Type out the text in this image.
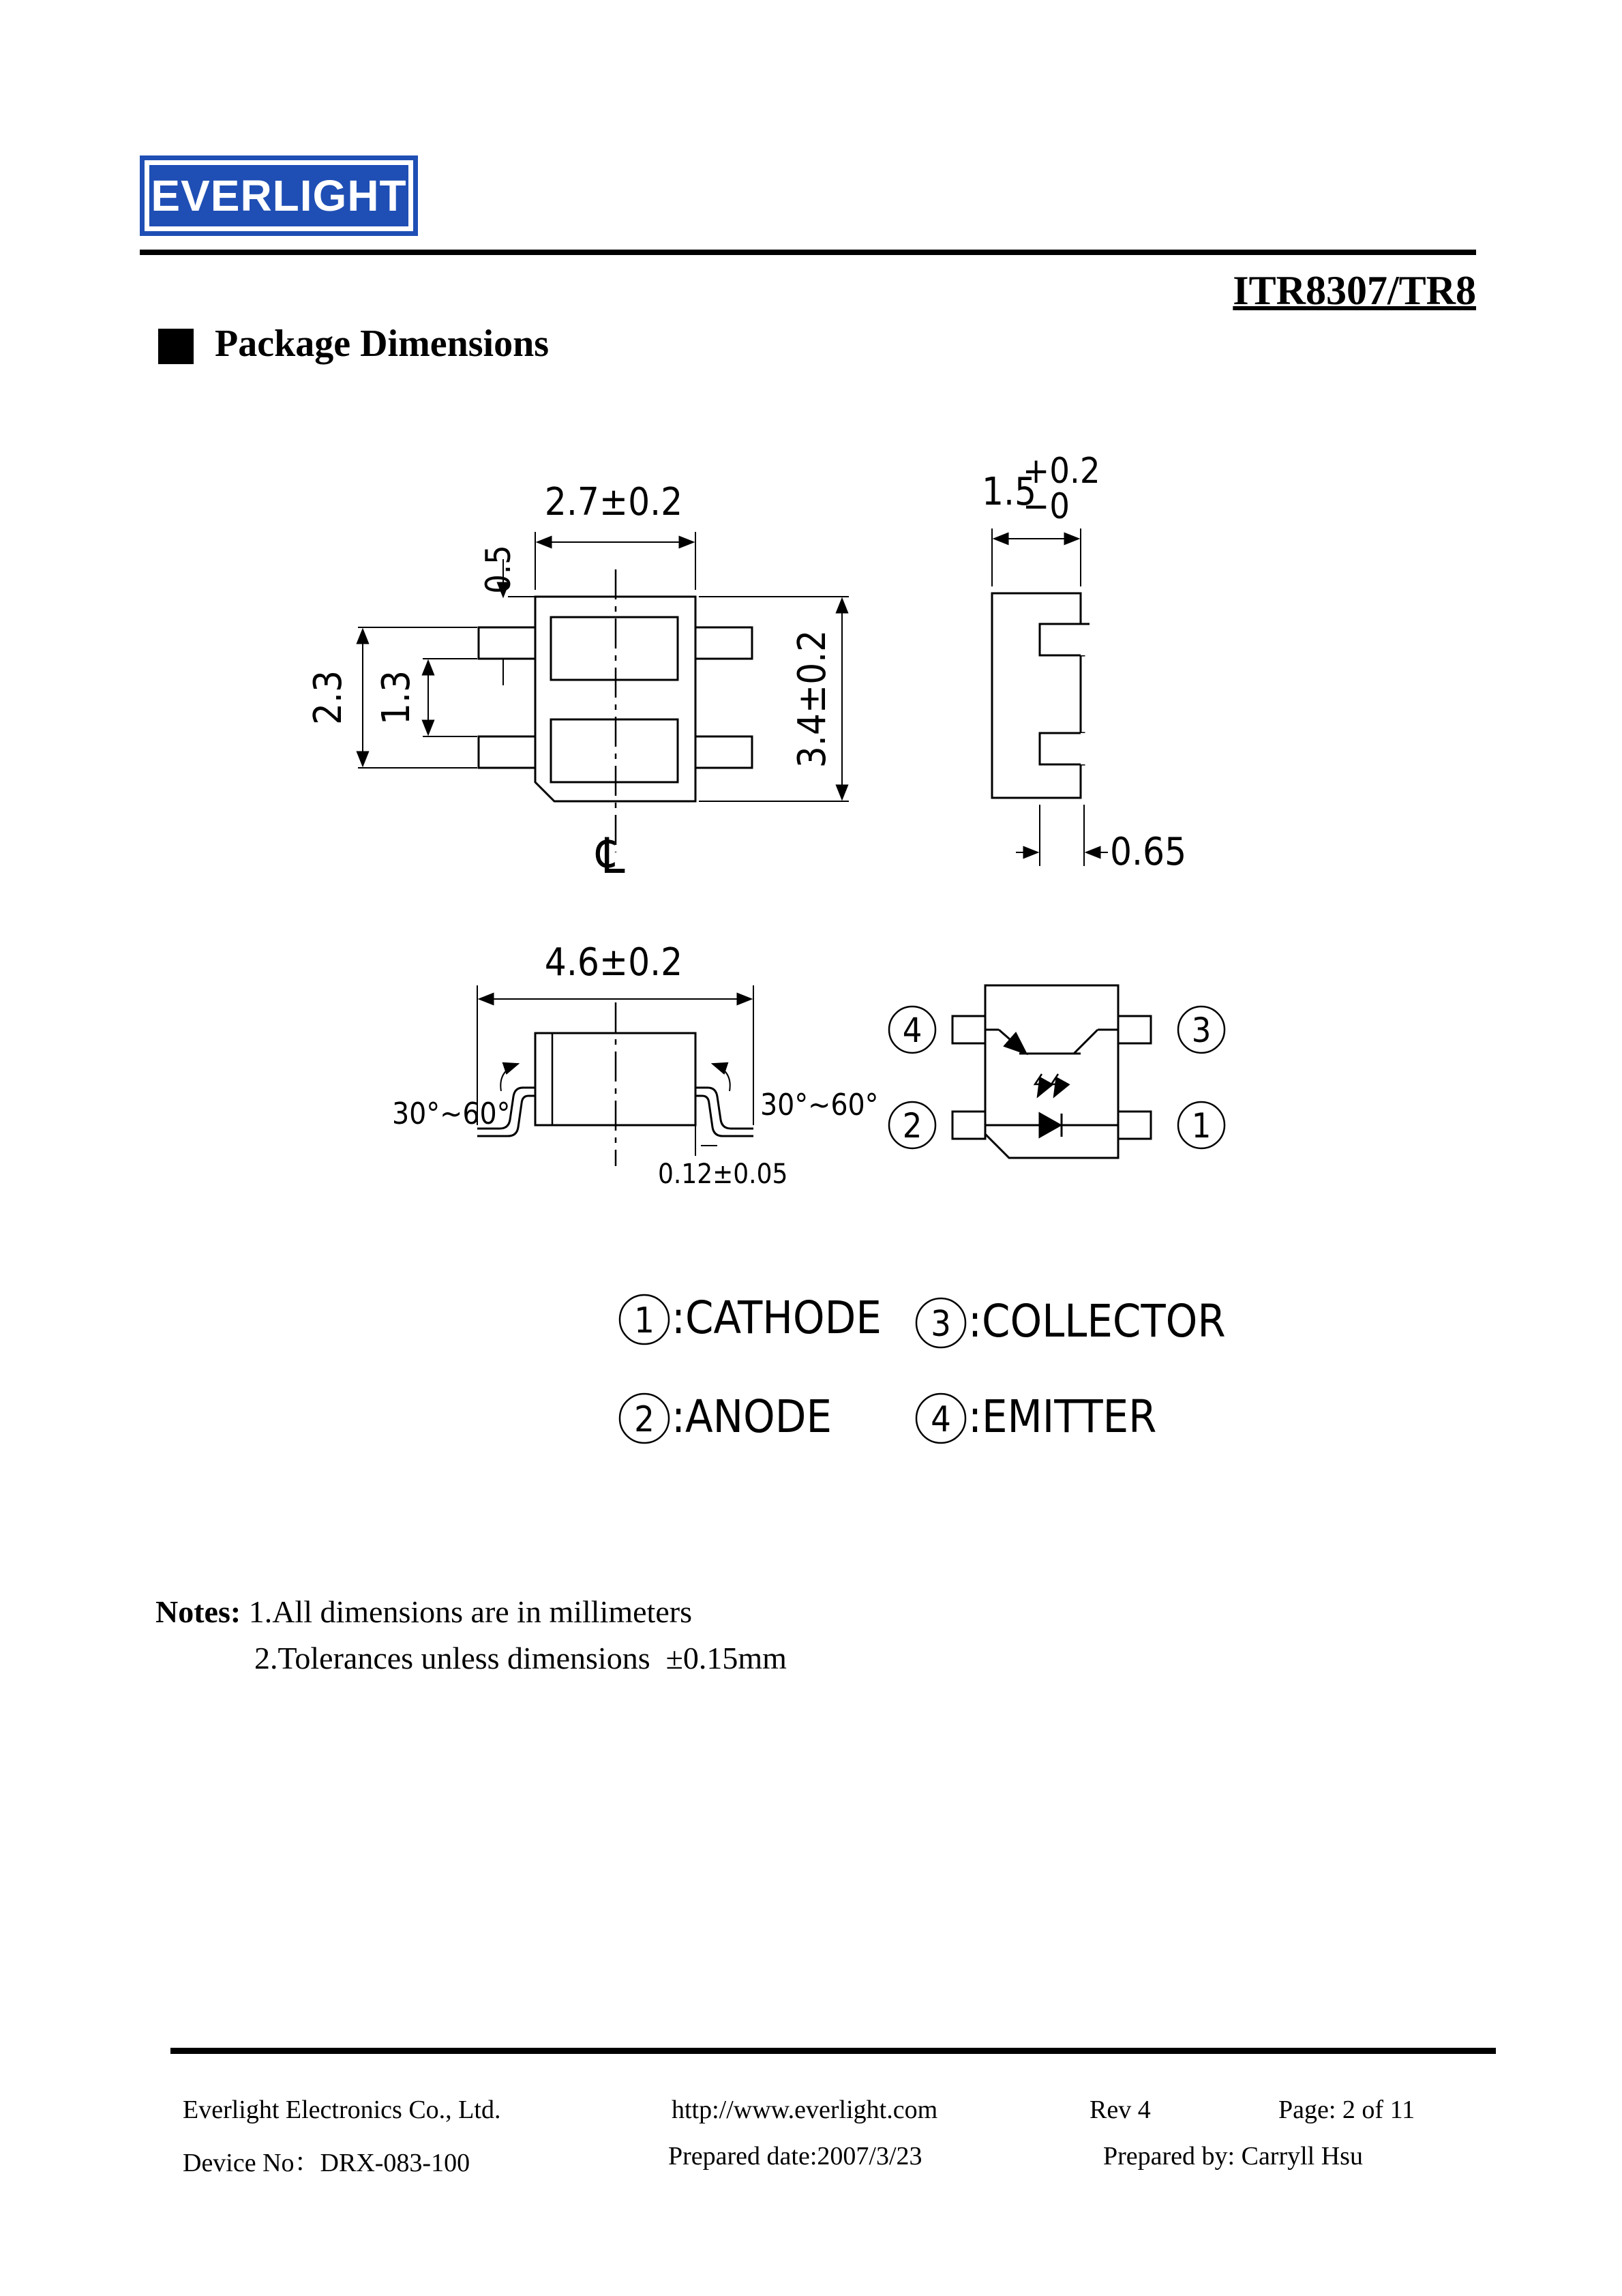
EVERLIGHT
ITR8307/TR8
Package Dimensions
2.7±0.2
0.5
2.3 1.3	3.4±0.2
℄
1.5
+0.2
−0
0.65
4.6±0.2
30°~60°	30°~60°
0.12±0.05
4
2
3
1
1 :CATHODE 3 :COLLECTOR
2 :ANODE	4 :EMITTER
Notes: 1.All dimensions are in millimeters
2.Tolerances unless dimensions  ±0.15mm
Everlight Electronics Co., Ltd.	http://www.everlight.com	Rev 4	Page: 2 of 11
Device No：DRX-083-100	Prepared date:2007/3/23	Prepared by: Carryll Hsu
